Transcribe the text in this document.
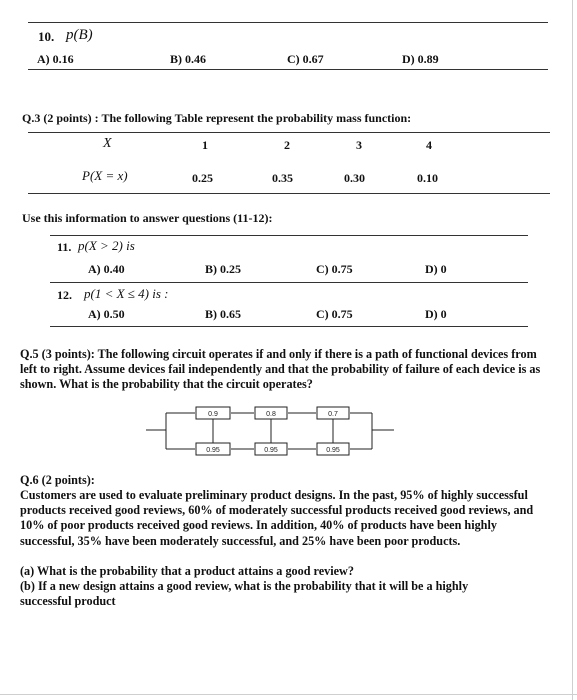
10. p(B)
A) 0.16	B) 0.46	C) 0.67	D) 0.89
Q.3 (2 points) : The following Table represent the probability mass function:
X	1	2	3	4
P(X = x)	0.25	0.35	0.30	0.10
Use this information to answer questions (11-12):
11. p(X > 2) is
A) 0.40	B) 0.25	C) 0.75	D) 0
12. p(1 < X ≤ 4) is :
A) 0.50	B) 0.65	C) 0.75	D) 0
Q.5 (3 points): The following circuit operates if and only if there is a path of functional devices from left to right. Assume devices fail independently and that the probability of failure of each device is as shown. What is the probability that the circuit operates?
0.9	0.8	0.7
0.95	0.95	0.95
Q.6 (2 points):
Customers are used to evaluate preliminary product designs. In the past, 95% of highly successful products received good reviews, 60% of moderately successful products received good reviews, and 10% of poor products received good reviews. In addition, 40% of products have been highly successful, 35% have been moderately successful, and 25% have been poor products.
(a) What is the probability that a product attains a good review?
(b) If a new design attains a good review, what is the probability that it will be a highly successful product
